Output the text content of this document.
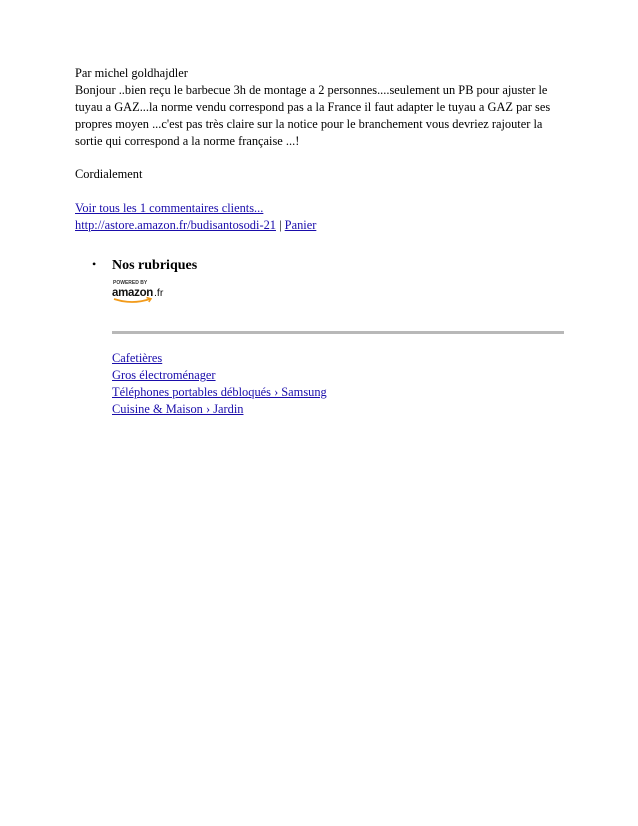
Par michel goldhajdler

Bonjour ..bien reçu le barbecue 3h de montage a 2 personnes....seulement un PB pour ajuster le tuyau a GAZ...la norme vendu correspond pas a la France il faut adapter le tuyau a GAZ par ses propres moyen ...c'est pas très claire sur la notice pour le branchement vous devriez rajouter la sortie qui correspond a la norme française ...!

Cordialement

Voir tous les 1 commentaires clients...
http://astore.amazon.fr/budisantosodi-21 | Panier
• Nos rubriques

POWERED BY
amazon .fr
Cafetières
Gros électroménager
Téléphones portables débloqués › Samsung
Cuisine & Maison › Jardin
